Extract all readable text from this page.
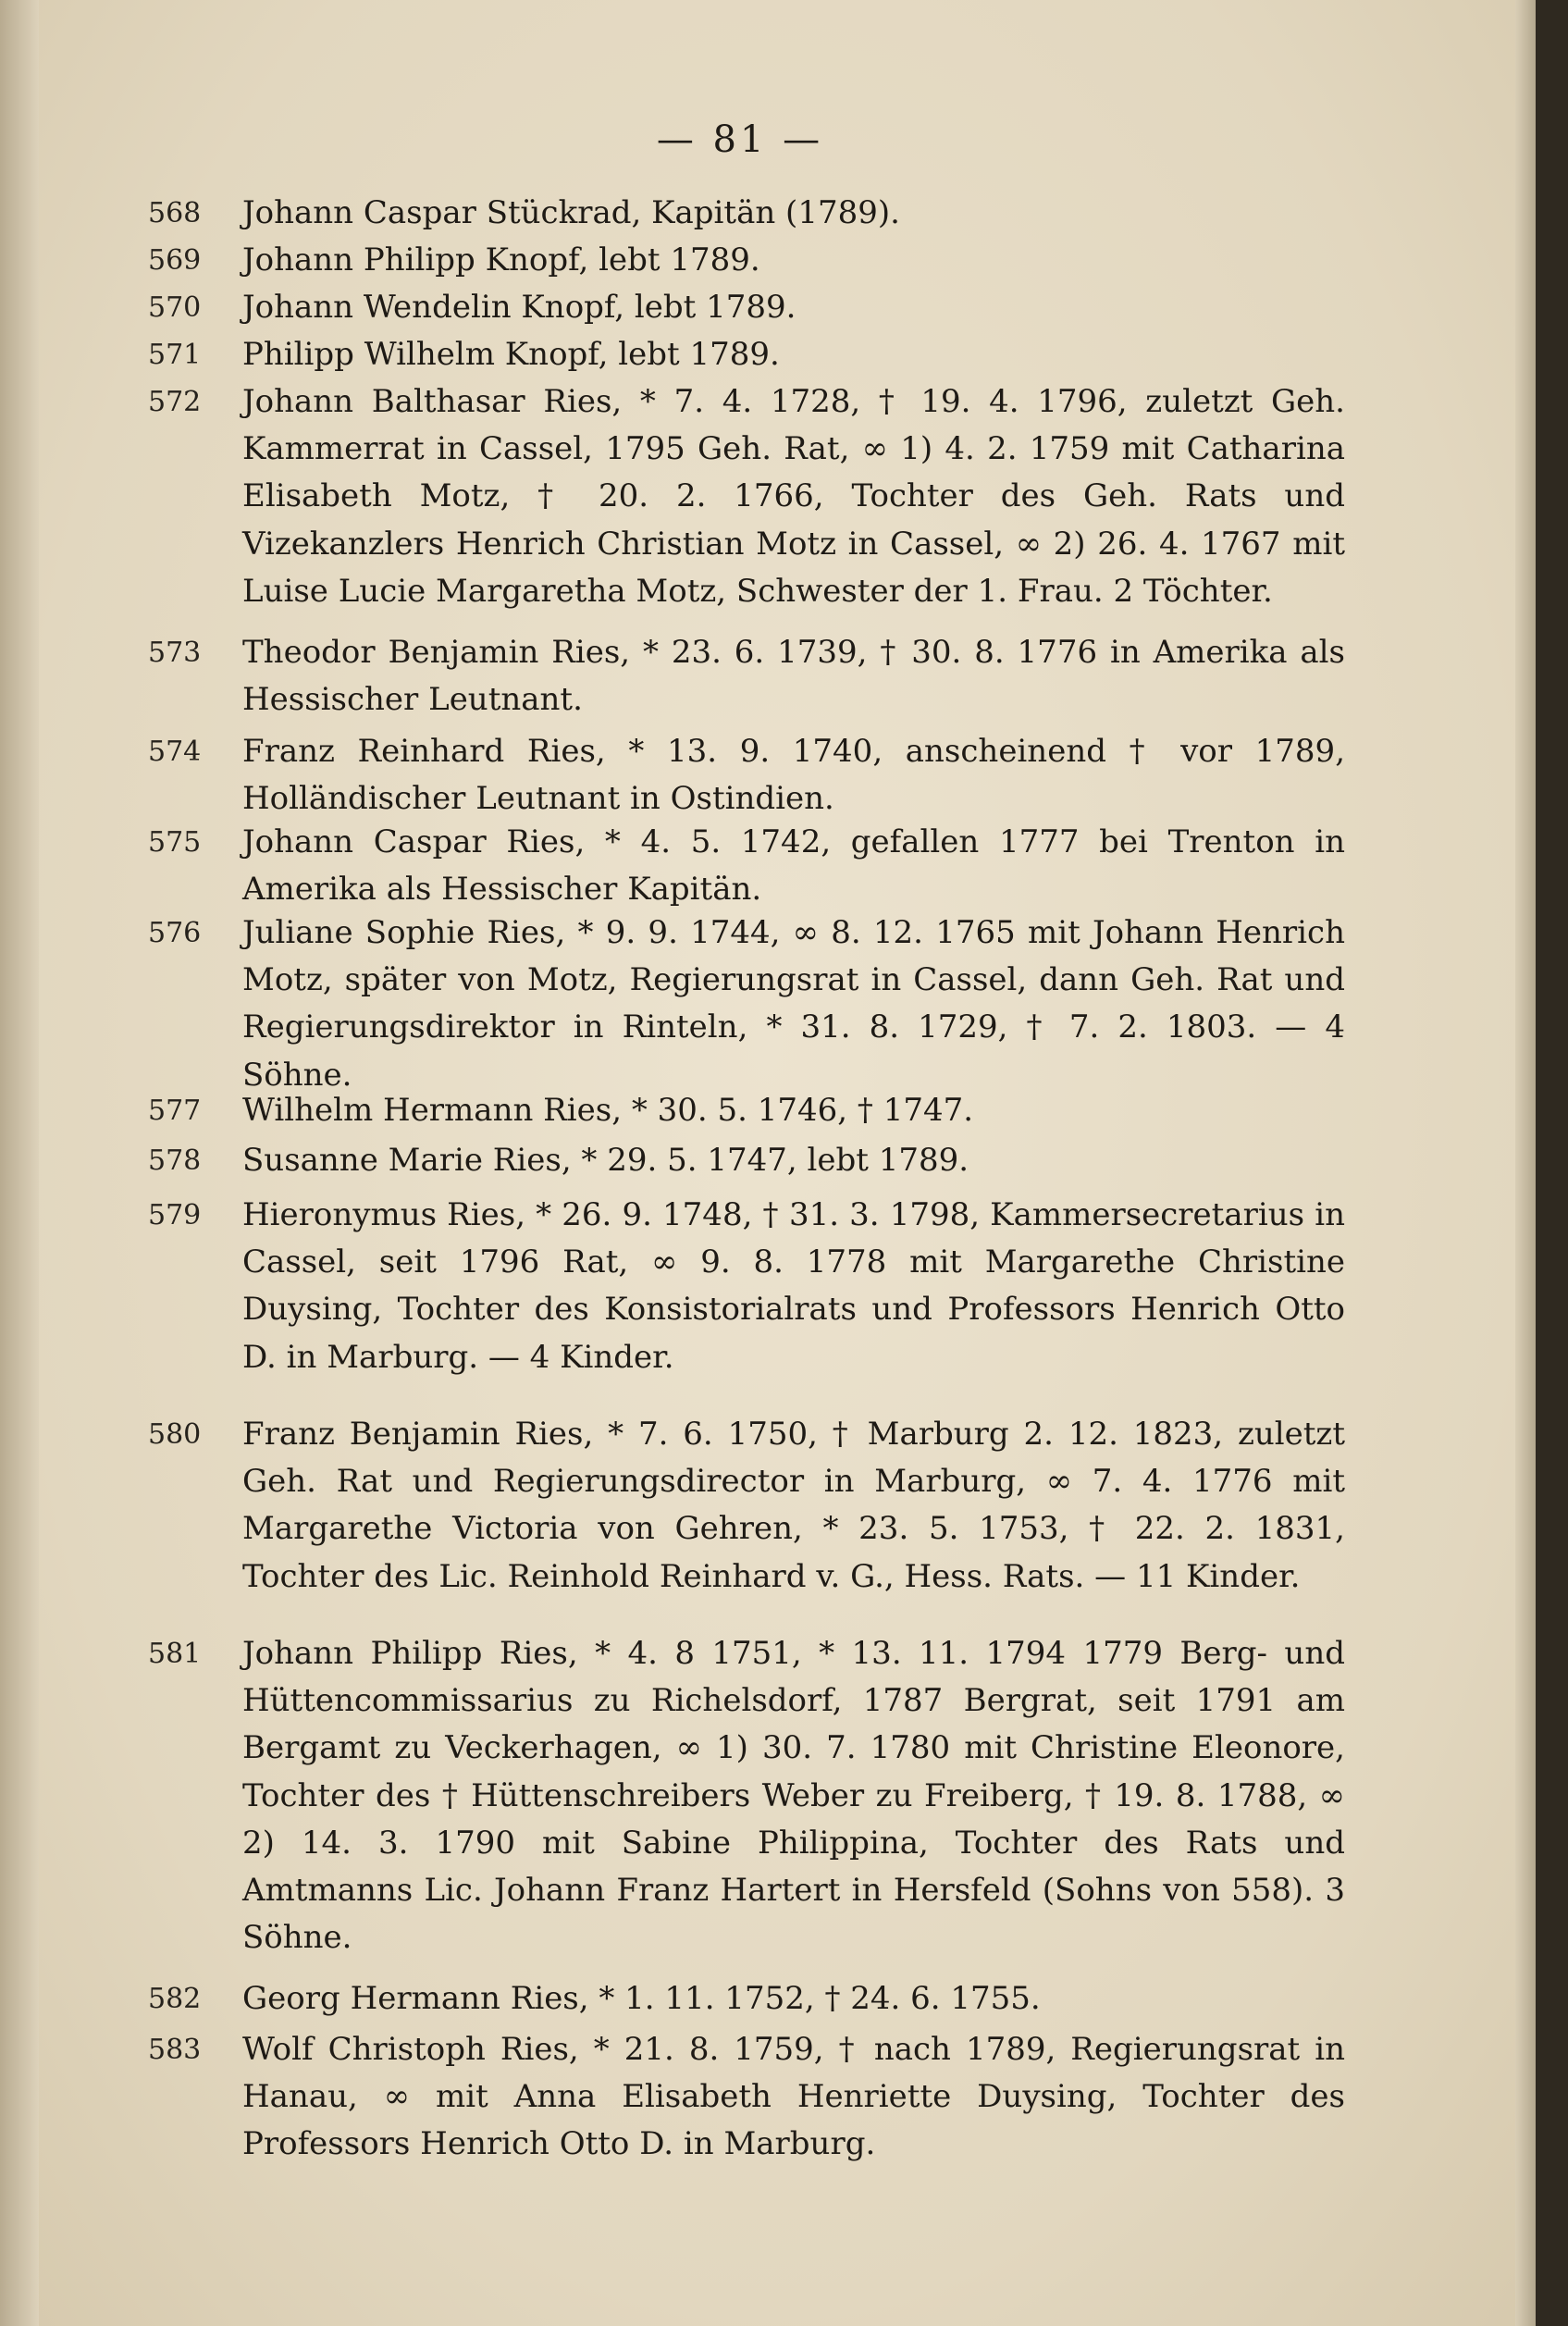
— 81 —
568	Johann Caspar Stückrad, Kapitän (1789).
569	Johann Philipp Knopf, lebt 1789.
570	Johann Wendelin Knopf, lebt 1789.
571	Philipp Wilhelm Knopf, lebt 1789.
572	Johann Balthasar Ries, * 7. 4. 1728, † 19. 4. 1796, zuletzt Geh. Kammerrat in Cassel, 1795 Geh. Rat, ∞ 1) 4. 2. 1759 mit Catharina Elisabeth Motz, † 20. 2. 1766, Tochter des Geh. Rats und Vizekanzlers Henrich Christian Motz in Cassel, ∞ 2) 26. 4. 1767 mit Luise Lucie Margaretha Motz, Schwester der 1. Frau. 2 Töchter.
573	Theodor Benjamin Ries, * 23. 6. 1739, † 30. 8. 1776 in Amerika als Hessischer Leutnant.
574	Franz Reinhard Ries, * 13. 9. 1740, anscheinend † vor 1789, Holländischer Leutnant in Ostindien.
575	Johann Caspar Ries, * 4. 5. 1742, gefallen 1777 bei Trenton in Amerika als Hessischer Kapitän.
576	Juliane Sophie Ries, * 9. 9. 1744, ∞ 8. 12. 1765 mit Johann Henrich Motz, später von Motz, Regierungsrat in Cassel, dann Geh. Rat und Regierungsdirektor in Rinteln, * 31. 8. 1729, † 7. 2. 1803. — 4 Söhne.
577	Wilhelm Hermann Ries, * 30. 5. 1746, † 1747.
578	Susanne Marie Ries, * 29. 5. 1747, lebt 1789.
579	Hieronymus Ries, * 26. 9. 1748, † 31. 3. 1798, Kammersecretarius in Cassel, seit 1796 Rat, ∞ 9. 8. 1778 mit Margarethe Christine Duysing, Tochter des Konsistorialrats und Professors Henrich Otto D. in Marburg. — 4 Kinder.
580	Franz Benjamin Ries, * 7. 6. 1750, † Marburg 2. 12. 1823, zuletzt Geh. Rat und Regierungsdirector in Marburg, ∞ 7. 4. 1776 mit Margarethe Victoria von Gehren, * 23. 5. 1753, † 22. 2. 1831, Tochter des Lic. Reinhold Reinhard v. G., Hess. Rats. — 11 Kinder.
581	Johann Philipp Ries, * 4. 8 1751, * 13. 11. 1794 1779 Berg- und Hüttencommissarius zu Richelsdorf, 1787 Bergrat, seit 1791 am Bergamt zu Veckerhagen, ∞ 1) 30. 7. 1780 mit Christine Eleonore, Tochter des † Hüttenschreibers Weber zu Freiberg, † 19. 8. 1788, ∞ 2) 14. 3. 1790 mit Sabine Philippina, Tochter des Rats und Amtmanns Lic. Johann Franz Hartert in Hersfeld (Sohns von 558). 3 Söhne.
582	Georg Hermann Ries, * 1. 11. 1752, † 24. 6. 1755.
583	Wolf Christoph Ries, * 21. 8. 1759, † nach 1789, Regierungsrat in Hanau, ∞ mit Anna Elisabeth Henriette Duysing, Tochter des Professors Henrich Otto D. in Marburg.
